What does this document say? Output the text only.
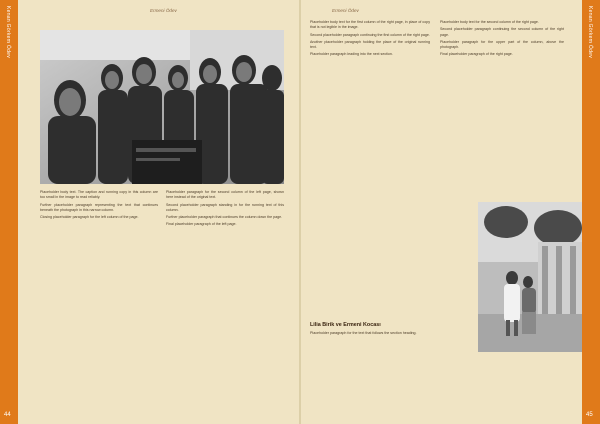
Kenan Görkem Ödev
44
Ermeni Ödev

Placeholder body text. The caption and running copy in this column are too small in the image to read reliably.

Further placeholder paragraph representing the text that continues beneath the photograph in this narrow column.

Closing placeholder paragraph for the left column of the page.

Placeholder paragraph for the second column of the left page, shown here instead of the original text.

Second placeholder paragraph standing in for the running text of this column.

Further placeholder paragraph that continues the column down the page.

Final placeholder paragraph of the left page.

Ermeni Ödev

Placeholder body text for the first column of the right page, in place of copy that is not legible in the image.

Second placeholder paragraph continuing the first column of the right page.

Another placeholder paragraph holding the place of the original running text.

Placeholder paragraph leading into the next section.

Lilia Birik ve Ermeni Kocası

Placeholder paragraph for the text that follows the section heading.

Placeholder body text for the second column of the right page.

Second placeholder paragraph continuing the second column of the right page.

Placeholder paragraph for the upper part of the column, above the photograph.

Final placeholder paragraph of the right page.	Kenan Görkem Ödev
45
